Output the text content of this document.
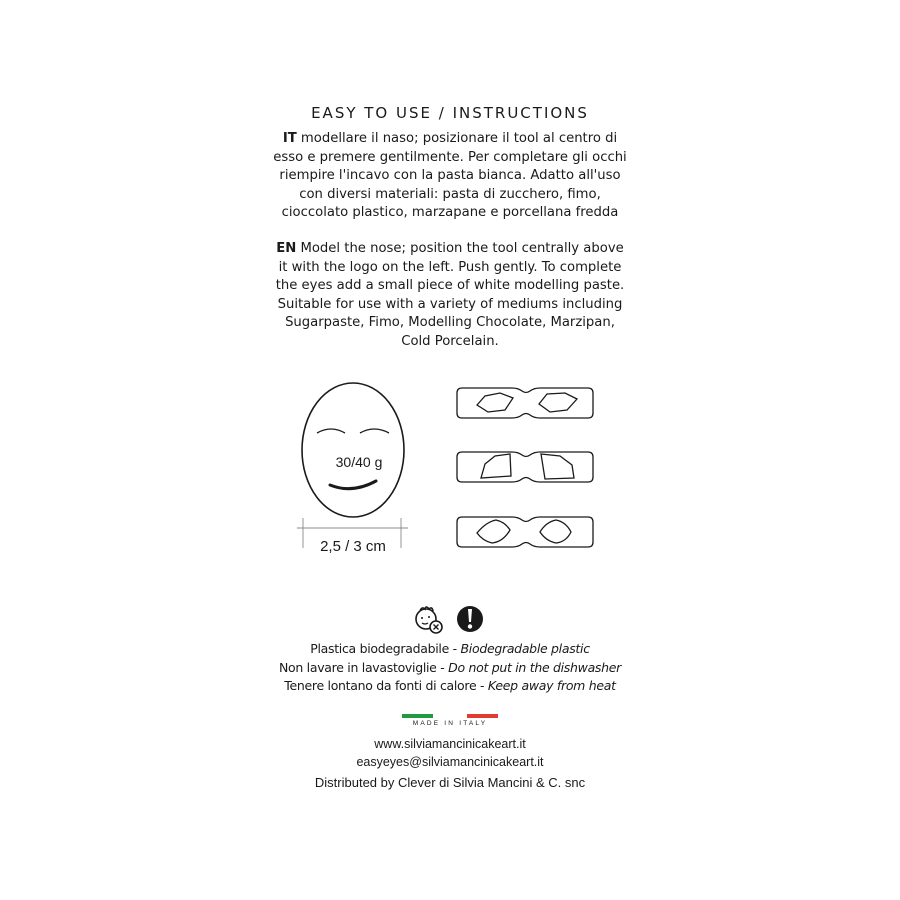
EASY TO USE / INSTRUCTIONS
IT modellare il naso; posizionare il tool al centro di
esso e premere gentilmente. Per completare gli occhi
riempire l'incavo con la pasta bianca. Adatto all'uso
con diversi materiali: pasta di zucchero, fimo,
cioccolato plastico, marzapane e porcellana fredda
EN Model the nose; position the tool centrally above
it with the logo on the left. Push gently. To complete
the eyes add a small piece of white modelling paste.
Suitable for use with a variety of mediums including
Sugarpaste, Fimo, Modelling Chocolate, Marzipan,
Cold Porcelain.
30/40 g
2,5 / 3 cm
Plastica biodegradabile - Biodegradable plastic
Non lavare in lavastoviglie - Do not put in the dishwasher
Tenere lontano da fonti di calore - Keep away from heat
MADE IN ITALY
www.silviamancinicakeart.it
easyeyes@silviamancinicakeart.it
Distributed by Clever di Silvia Mancini & C. snc
